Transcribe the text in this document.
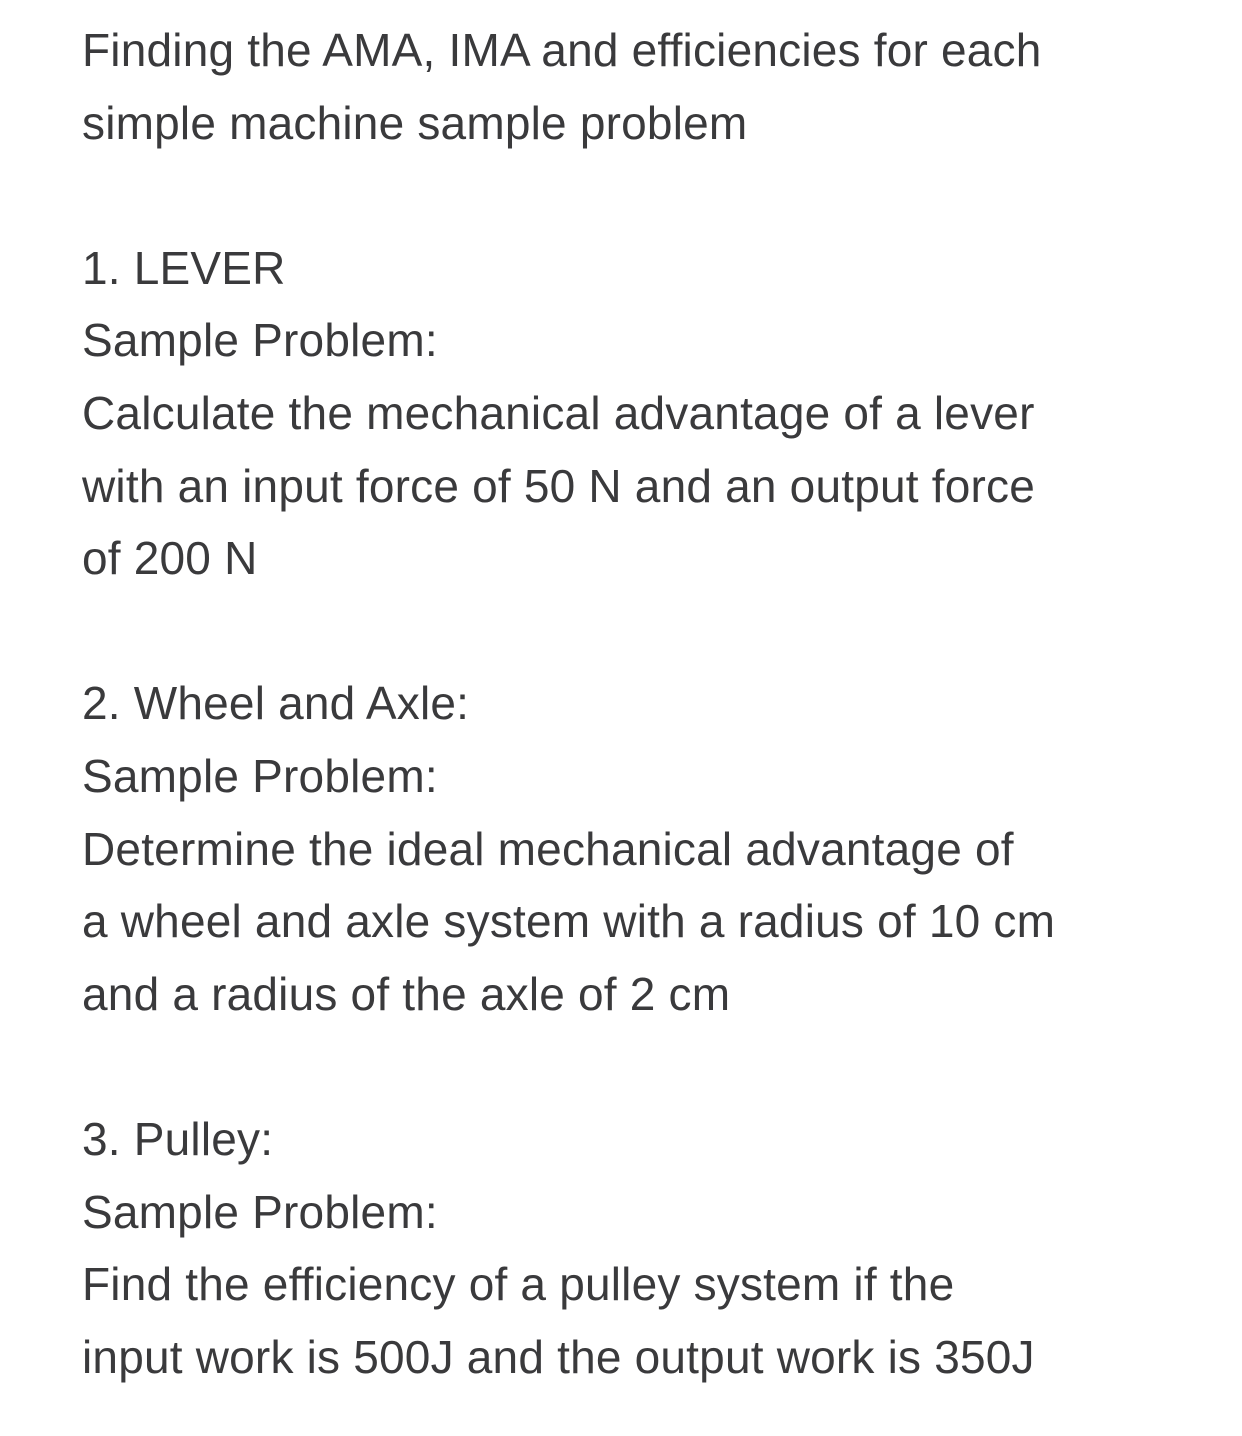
Finding the AMA, IMA and efficiencies for each
simple machine sample problem
1. LEVER
Sample Problem:
Calculate the mechanical advantage of a lever
with an input force of 50 N and an output force
of 200 N
2. Wheel and Axle:
Sample Problem:
Determine the ideal mechanical advantage of
a wheel and axle system with a radius of 10 cm
and a radius of the axle of 2 cm
3. Pulley:
Sample Problem:
Find the efficiency of a pulley system if the
input work is 500J and the output work is 350J
